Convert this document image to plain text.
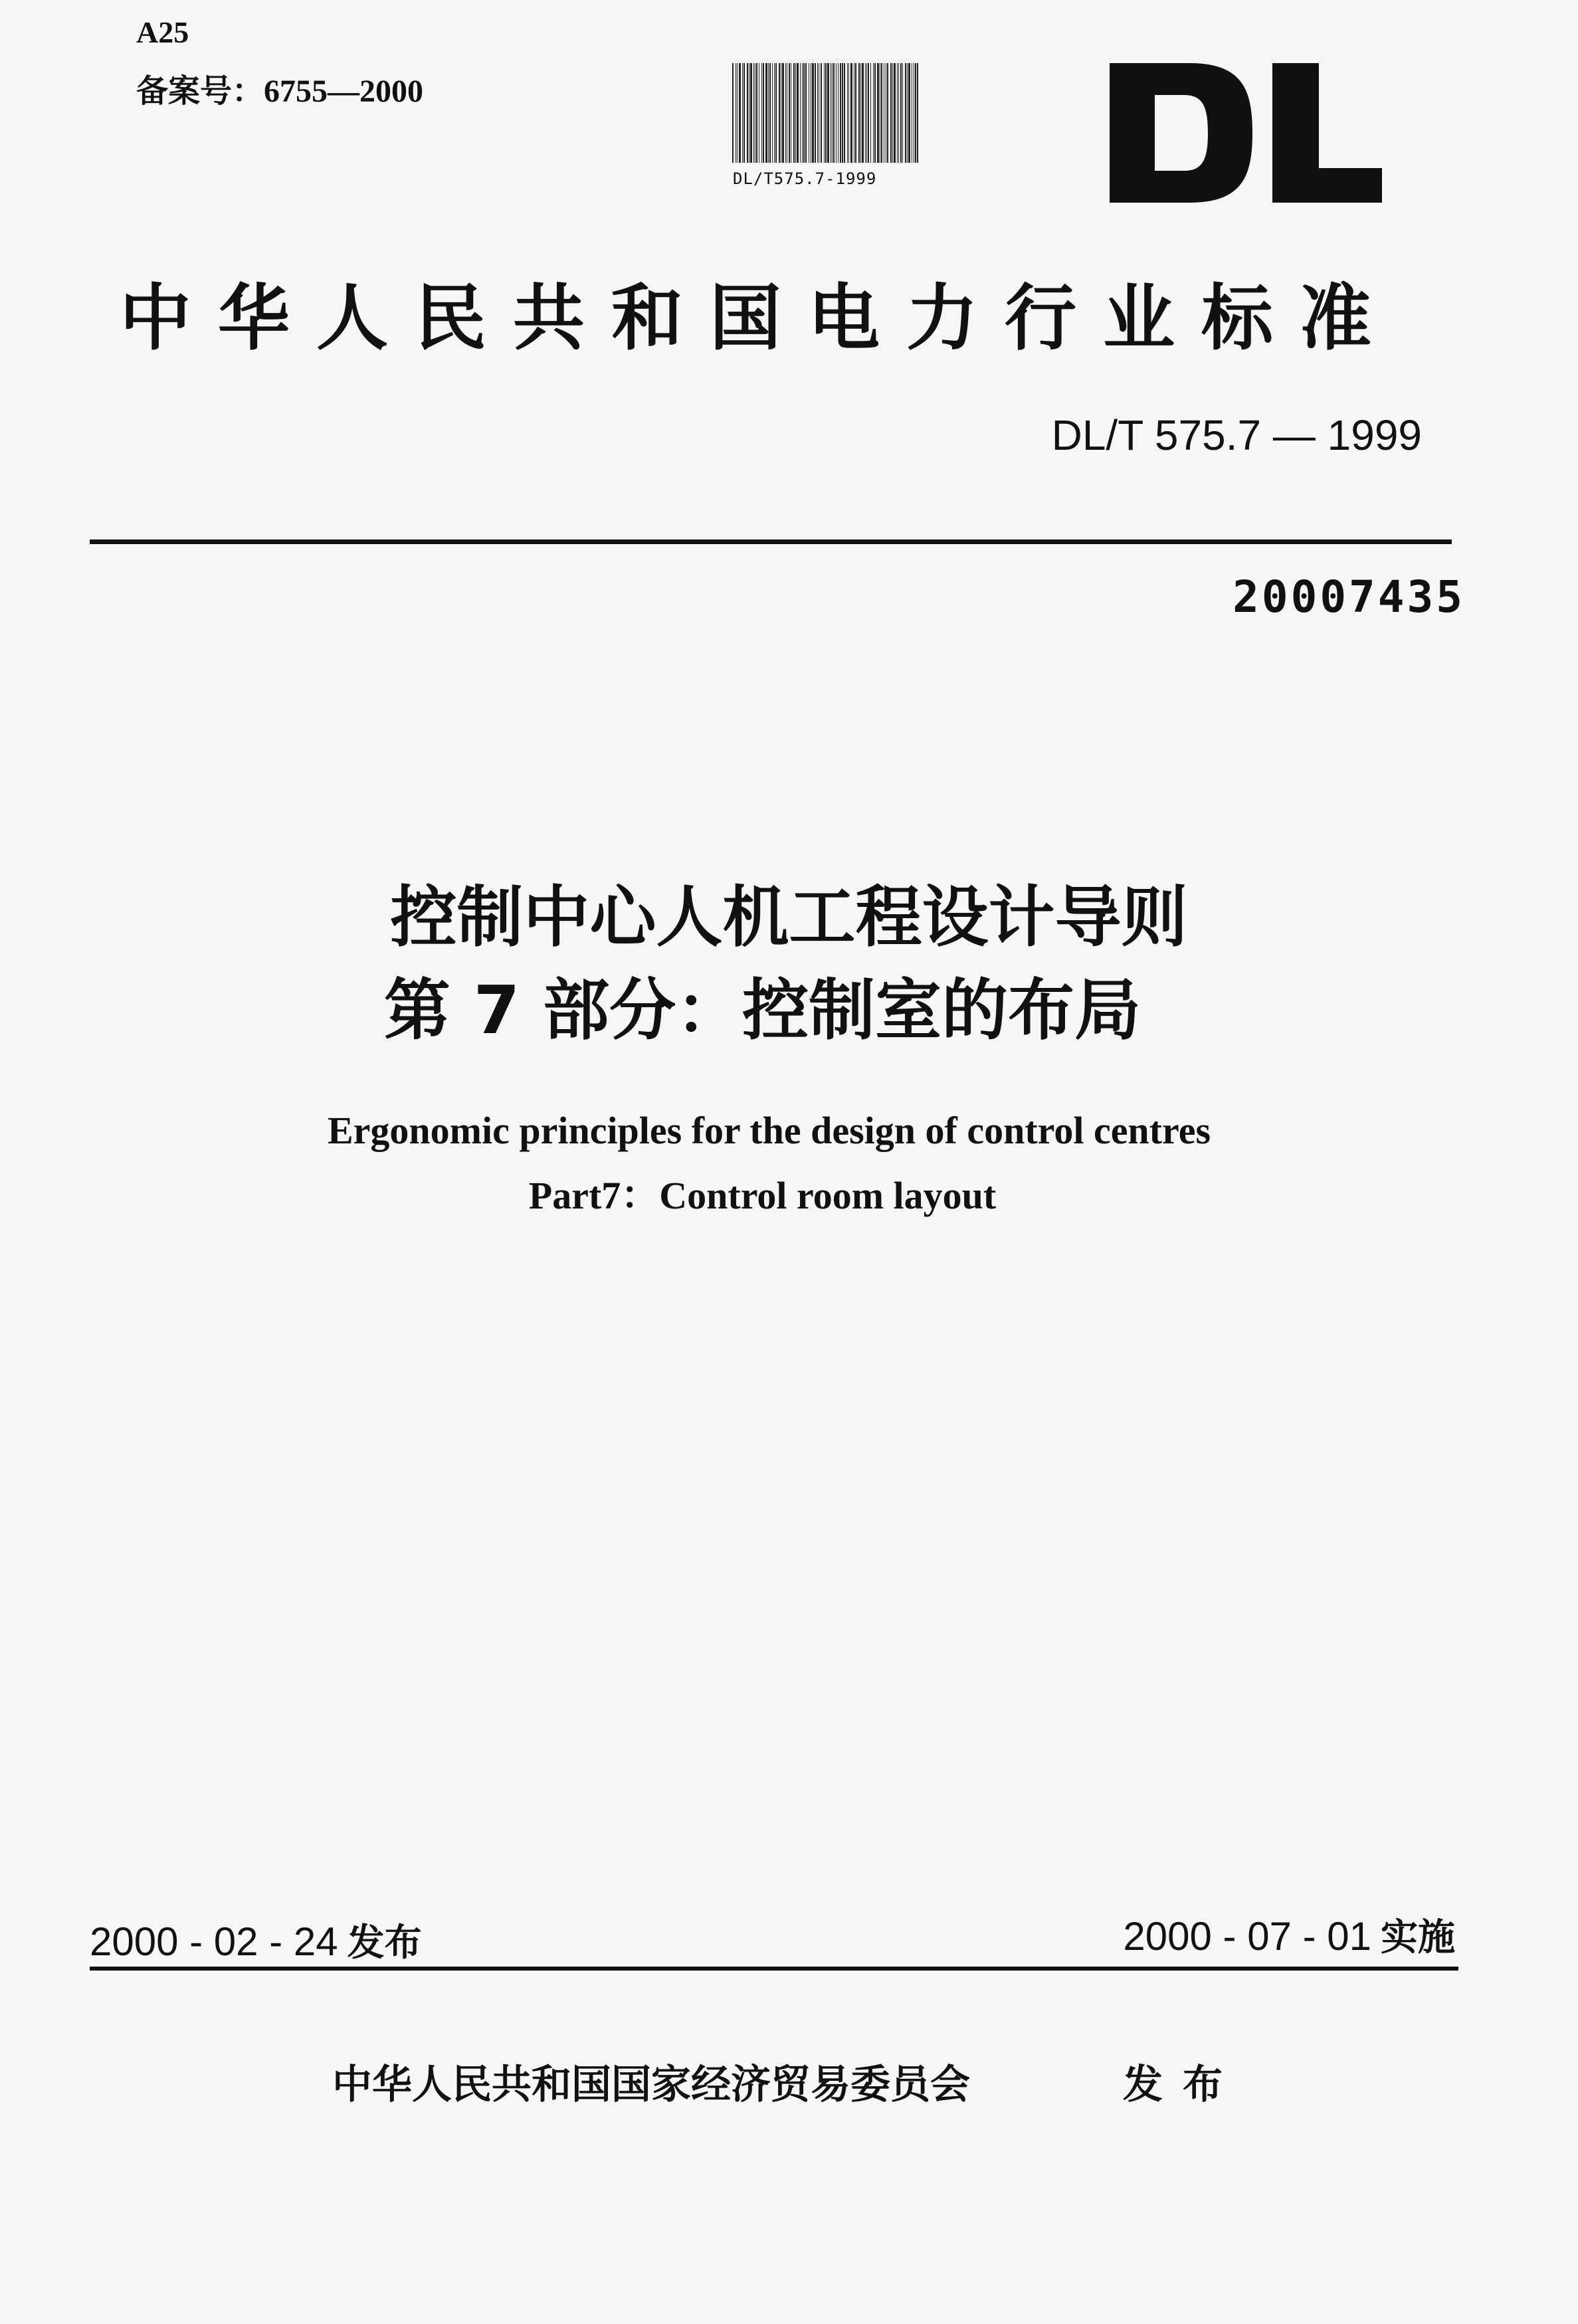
A25
备案号：6755—2000
DL/T575.7-1999
中华人民共和国电力行业标准
DL/T 575.7 — 1999
20007435
控制中心人机工程设计导则
第 7 部分：控制室的布局
Ergonomic principles for the design of control centres
Part7：Control room layout
2000 - 02 - 24 发布	2000 - 07 - 01 实施
中华人民共和国国家经济贸易委员会	发布
